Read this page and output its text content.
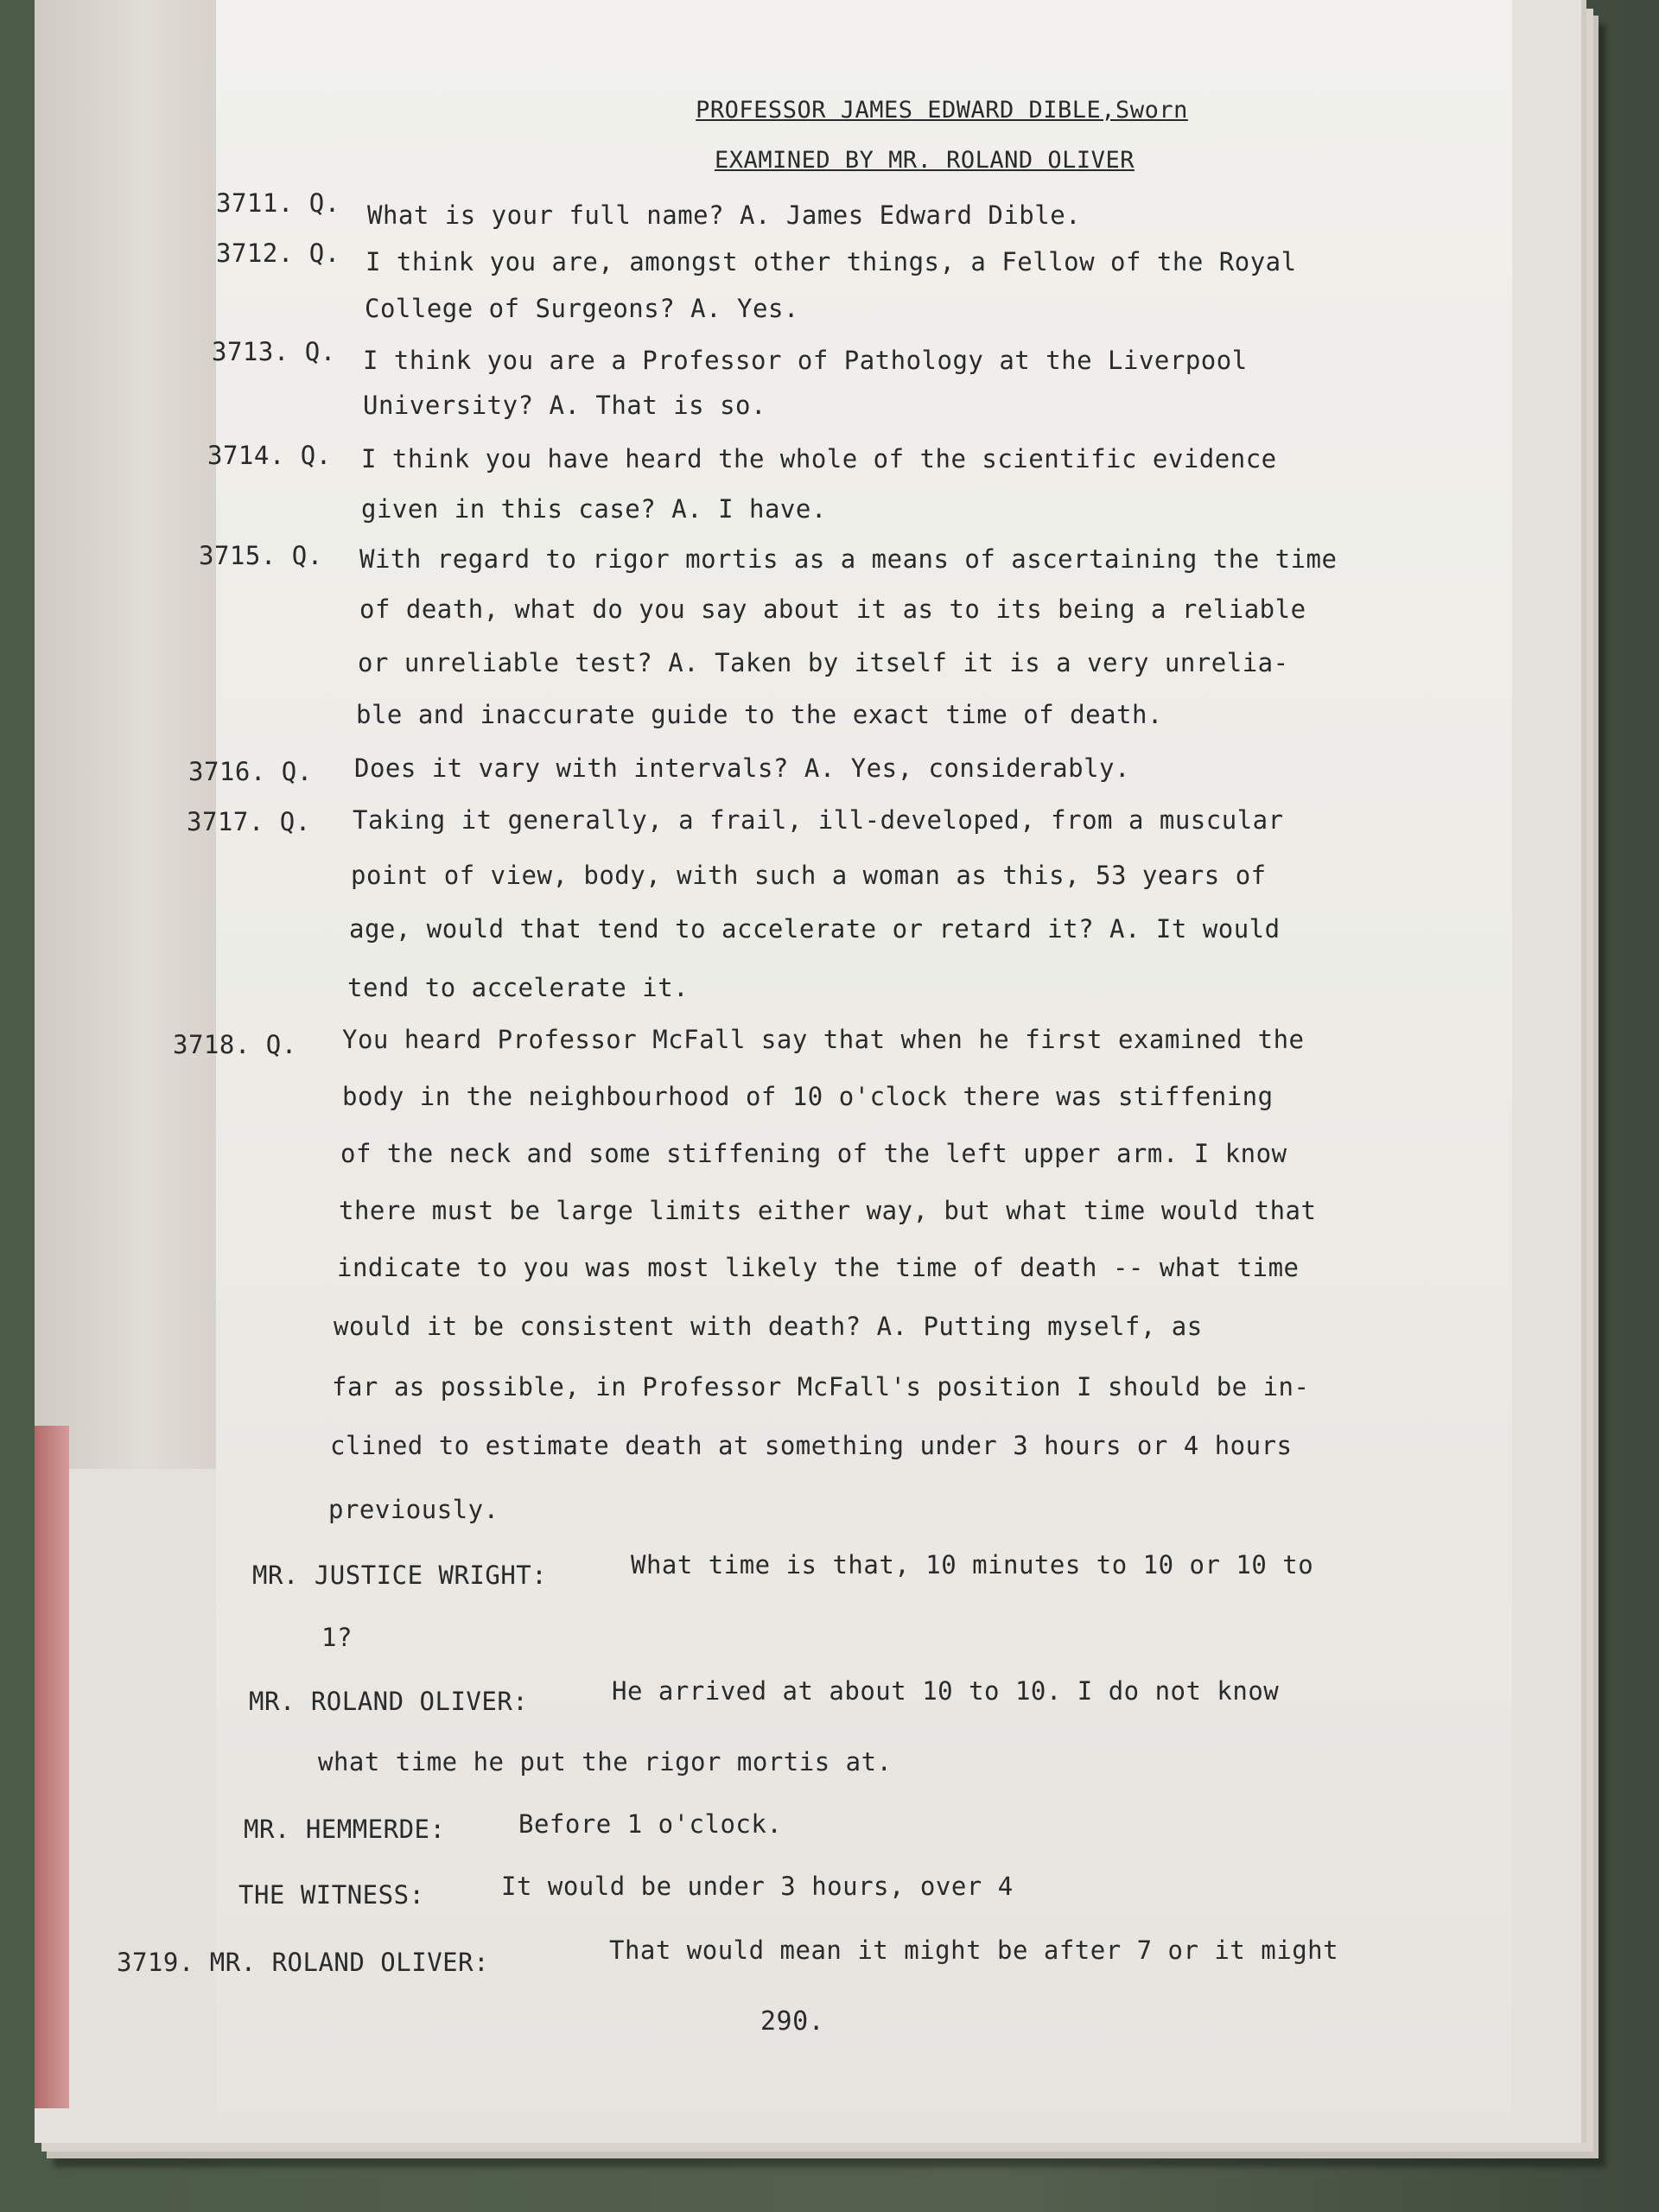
PROFESSOR JAMES EDWARD DIBLE,Sworn
EXAMINED BY MR. ROLAND OLIVER
3711. Q. What is your full name? A. James Edward Dible.
3712. Q. I think you are, amongst other things, a Fellow of the Royal
College of Surgeons? A. Yes.
3713. Q. I think you are a Professor of Pathology at the Liverpool
University? A. That is so.
3714. Q. I think you have heard the whole of the scientific evidence
given in this case? A. I have.
3715. Q. With regard to rigor mortis as a means of ascertaining the time
of death, what do you say about it as to its being a reliable
or unreliable test? A. Taken by itself it is a very unrelia-
ble and inaccurate guide to the exact time of death.
3716. Q. Does it vary with intervals? A. Yes, considerably.
3717. Q. Taking it generally, a frail, ill-developed, from a muscular
point of view, body, with such a woman as this, 53 years of
age, would that tend to accelerate or retard it? A. It would
tend to accelerate it.
3718. Q. You heard Professor McFall say that when he first examined the
body in the neighbourhood of 10 o'clock there was stiffening
of the neck and some stiffening of the left upper arm. I know
there must be large limits either way, but what time would that
indicate to you was most likely the time of death -- what time
would it be consistent with death? A. Putting myself, as
far as possible, in Professor McFall's position I should be in-
clined to estimate death at something under 3 hours or 4 hours
previously.
MR. JUSTICE WRIGHT:	What time is that, 10 minutes to 10 or 10 to
1?
MR. ROLAND OLIVER:	He arrived at about 10 to 10. I do not know
what time he put the rigor mortis at.
MR. HEMMERDE:	Before 1 o'clock.
THE WITNESS:	It would be under 3 hours, over 4
3719. MR. ROLAND OLIVER:	That would mean it might be after 7 or it might
290.
